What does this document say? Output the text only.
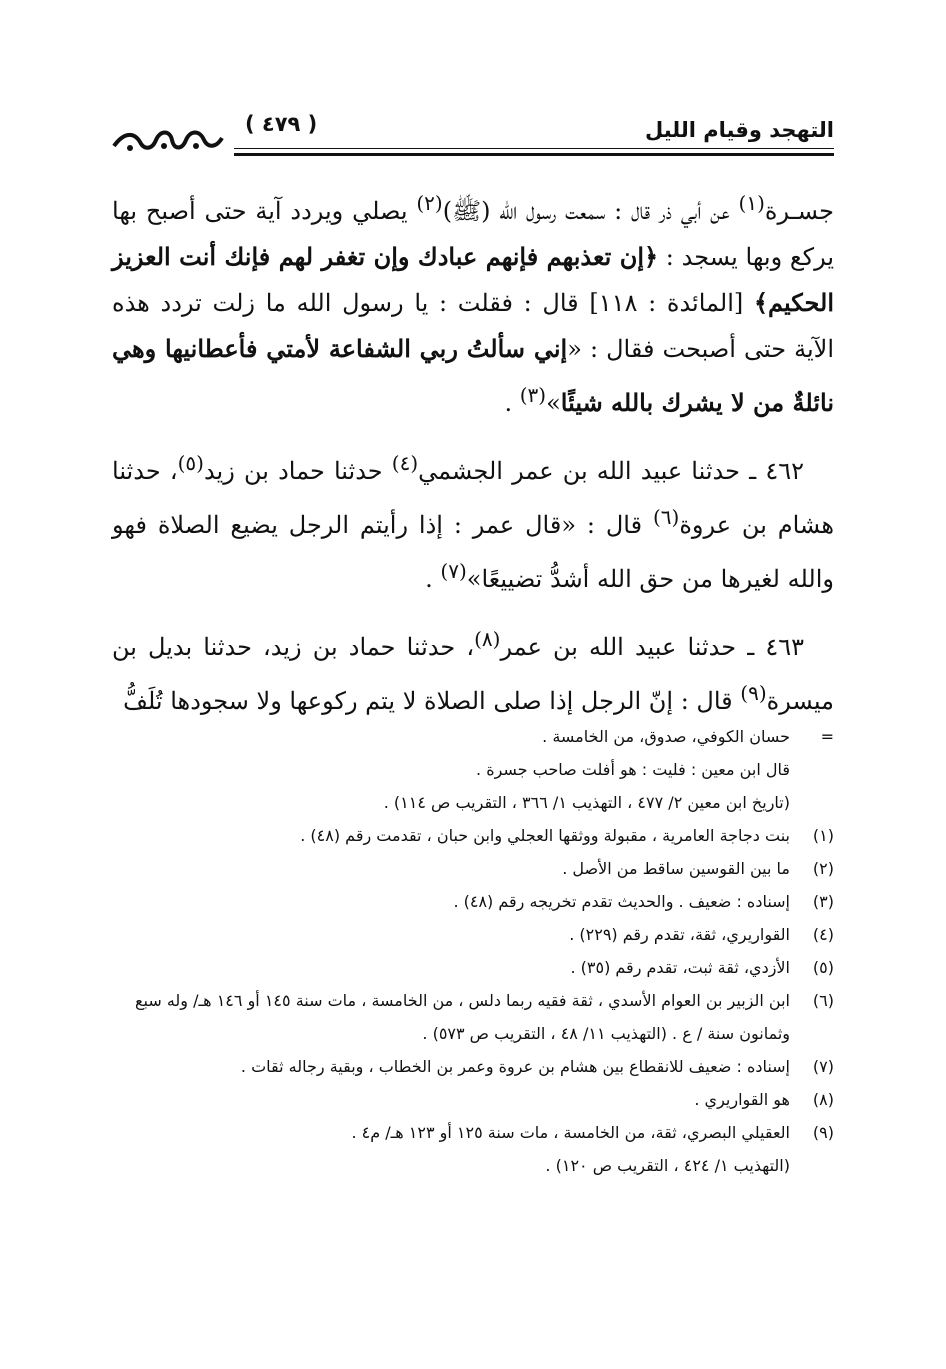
التهجد وقيام الليل
( ٤٧٩ )

جسـرة$^{(١)}$ عن أبي ذر قال : سمعت رسول الله (ﷺ)$^{(٢)}$ يصلي ويردد آية حتى أصبح بها يركع وبها يسجد : ﴿إن تعذبهم فإنهم عبادك وإن تغفر لهم فإنك أنت العزيز الحكيم﴾ [المائدة : ١١٨] قال : فقلت : يا رسول الله ما زلت تردد هذه الآية حتى أصبحت فقال : «إني سألتُ ربي الشفاعة لأمتي فأعطانيها وهي نائلةٌ من لا يشرك بالله شيئًا»$^{(٣)}$ .

٤٦٢ ـ حدثنا عبيد الله بن عمر الجشمي$^{(٤)}$ حدثنا حماد بن زيد$^{(٥)}$، حدثنا هشام بن عروة$^{(٦)}$ قال : «قال عمر : إذا رأيتم الرجل يضيع الصلاة فهو والله لغيرها من حق الله أشدُّ تضييعًا»$^{(٧)}$ .

٤٦٣ ـ حدثنا عبيد الله بن عمر$^{(٨)}$، حدثنا حماد بن زيد، حدثنا بديل بن ميسرة$^{(٩)}$ قال : إنّ الرجل إذا صلى الصلاة لا يتم ركوعها ولا سجودها تُلَفُّ

=
حسان الكوفي، صدوق، من الخامسة .
قال ابن معين : فليت : هو أفلت صاحب جسرة .
(تاريخ ابن معين ٢/ ٤٧٧ ، التهذيب ١/ ٣٦٦ ، التقريب ص ١١٤) .
(١)
بنت دجاجة العامرية ، مقبولة ووثقها العجلي وابن حبان ، تقدمت رقم (٤٨) .
(٢)
ما بين القوسين ساقط من الأصل .
(٣)
إسناده : ضعيف . والحديث تقدم تخريجه رقم (٤٨) .
(٤)
القواريري، ثقة، تقدم رقم (٢٢٩) .
(٥)
الأزدي، ثقة ثبت، تقدم رقم (٣٥) .
(٦)
ابن الزبير بن العوام الأسدي ، ثقة فقيه ربما دلس ، من الخامسة ، مات سنة ١٤٥ أو ١٤٦ هـ/ وله سبع وثمانون سنة / ع . (التهذيب ١١/ ٤٨ ، التقريب ص ٥٧٣) .
(٧)
إسناده : ضعيف للانقطاع بين هشام بن عروة وعمر بن الخطاب ، وبقية رجاله ثقات .
(٨)
هو القواريري .
(٩)
العقيلي البصري، ثقة، من الخامسة ، مات سنة ١٢٥ أو ١٢٣ هـ/ م٤ .
(التهذيب ١/ ٤٢٤ ، التقريب ص ١٢٠) .
